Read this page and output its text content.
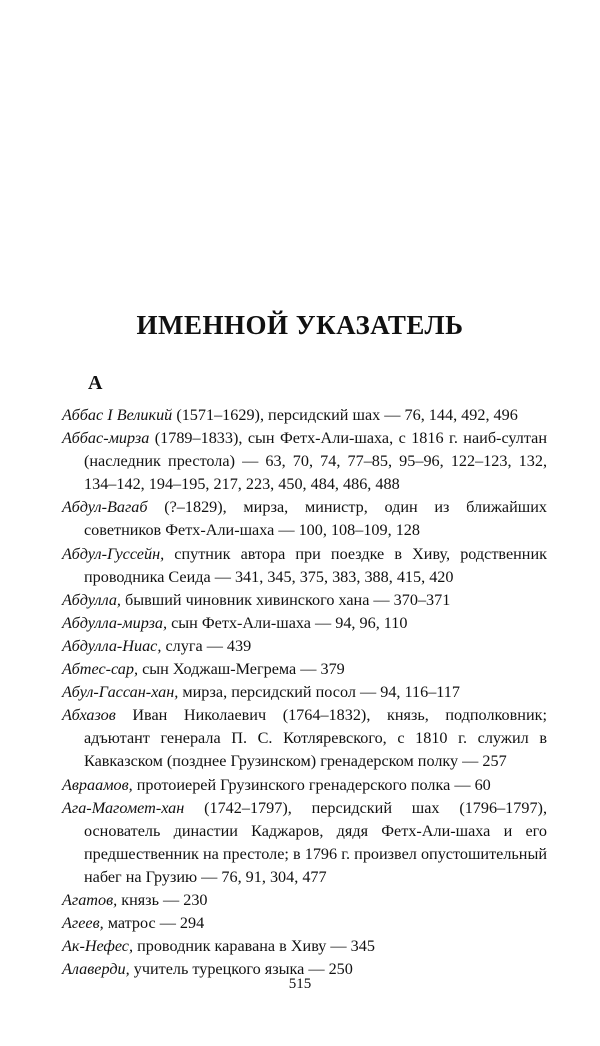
ИМЕННОЙ УКАЗАТЕЛЬ
А

Аббас I Великий (1571–1629), персидский шах — 76, 144, 492, 496

Аббас-мирза (1789–1833), сын Фетх-Али-шаха, с 1816 г. наиб-султан (наследник престола) — 63, 70, 74, 77–85, 95–96, 122–123, 132, 134–142, 194–195, 217, 223, 450, 484, 486, 488

Абдул-Вагаб (?–1829), мирза, министр, один из ближайших советников Фетх-Али-шаха — 100, 108–109, 128

Абдул-Гуссейн, спутник автора при поездке в Хиву, родственник проводника Сеида — 341, 345, 375, 383, 388, 415, 420

Абдулла, бывший чиновник хивинского хана — 370–371

Абдулла-мирза, сын Фетх-Али-шаха — 94, 96, 110

Абдулла-Ниас, слуга — 439

Абтес-сар, сын Ходжаш-Мегрема — 379

Абул-Гассан-хан, мирза, персидский посол — 94, 116–117

Абхазов Иван Николаевич (1764–1832), князь, подполковник; адъютант генерала П. С. Котляревского, с 1810 г. служил в Кавказском (позднее Грузинском) гренадерском полку — 257

Авраамов, протоиерей Грузинского гренадерского полка — 60

Ага-Магомет-хан (1742–1797), персидский шах (1796–1797), основатель династии Каджаров, дядя Фетх-Али-шаха и его предшественник на престоле; в 1796 г. произвел опустошительный набег на Грузию — 76, 91, 304, 477

Агатов, князь — 230

Агеев, матрос — 294

Ак-Нефес, проводник каравана в Хиву — 345

Алаверди, учитель турецкого языка — 250

515
